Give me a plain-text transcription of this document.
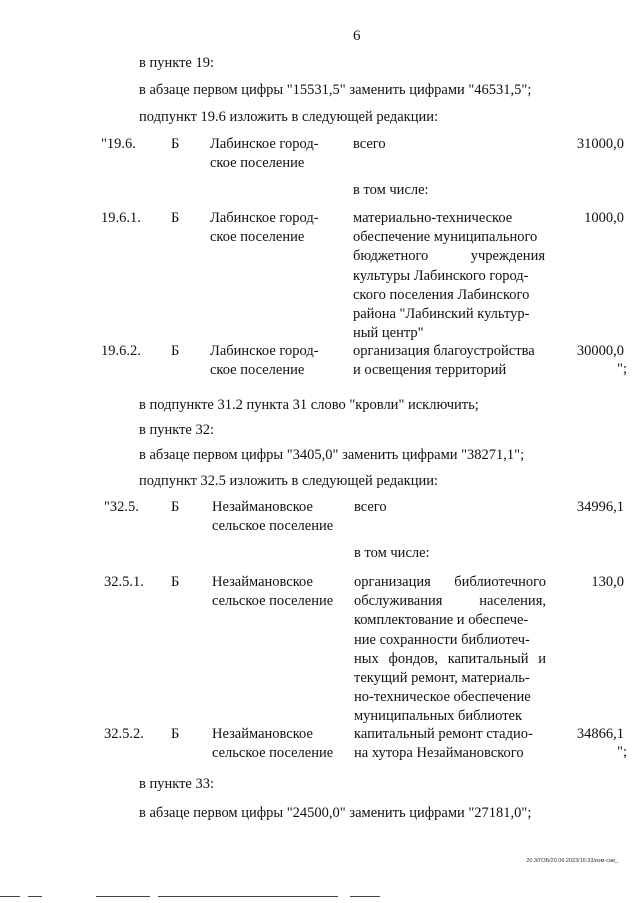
6
в пункте 19:
в абзаце первом цифры "15531,5" заменить цифрами "46531,5";
подпункт 19.6 изложить в следующей редакции:
"19.6. Б Лабинское город-
ское поселение
всего	31000,0
в том числе:
19.6.1. Б Лабинское город-
ское поселение
материально-техническое
обеспечение муниципального
бюджетного учреждения
культуры Лабинского город-
ского поселения Лабинского
района "Лабинский культур-
ный центр"
1000,0
19.6.2. Б Лабинское город-
ское поселение
организация благоустройства
и освещения территорий
30000,0
";
в подпункте 31.2 пункта 31 слово "кровли" исключить;
в пункте 32:
в абзаце первом цифры "3405,0" заменить цифрами "38271,1";
подпункт 32.5 изложить в следующей редакции:
"32.5. Б Незаймановское
сельское поселение
всего	34996,1
в том числе:
32.5.1. Б Незаймановское
сельское поселение
организация библиотечного
обслуживания населения,
комплектование и обеспече-
ние сохранности библиотеч-
ных фондов, капитальный и
текущий ремонт, материаль-
но-техническое обеспечение
муниципальных библиотек
130,0
32.5.2. Б Незаймановское
сельское поселение
капитальный ремонт стадио-
на хутора Незаймановского
34866,1
";
в пункте 33:
в абзаце первом цифры "24500,0" заменить цифрами "27181,0";
20.3/ГОБ/20.06.2023/16:33/изм-сав_
